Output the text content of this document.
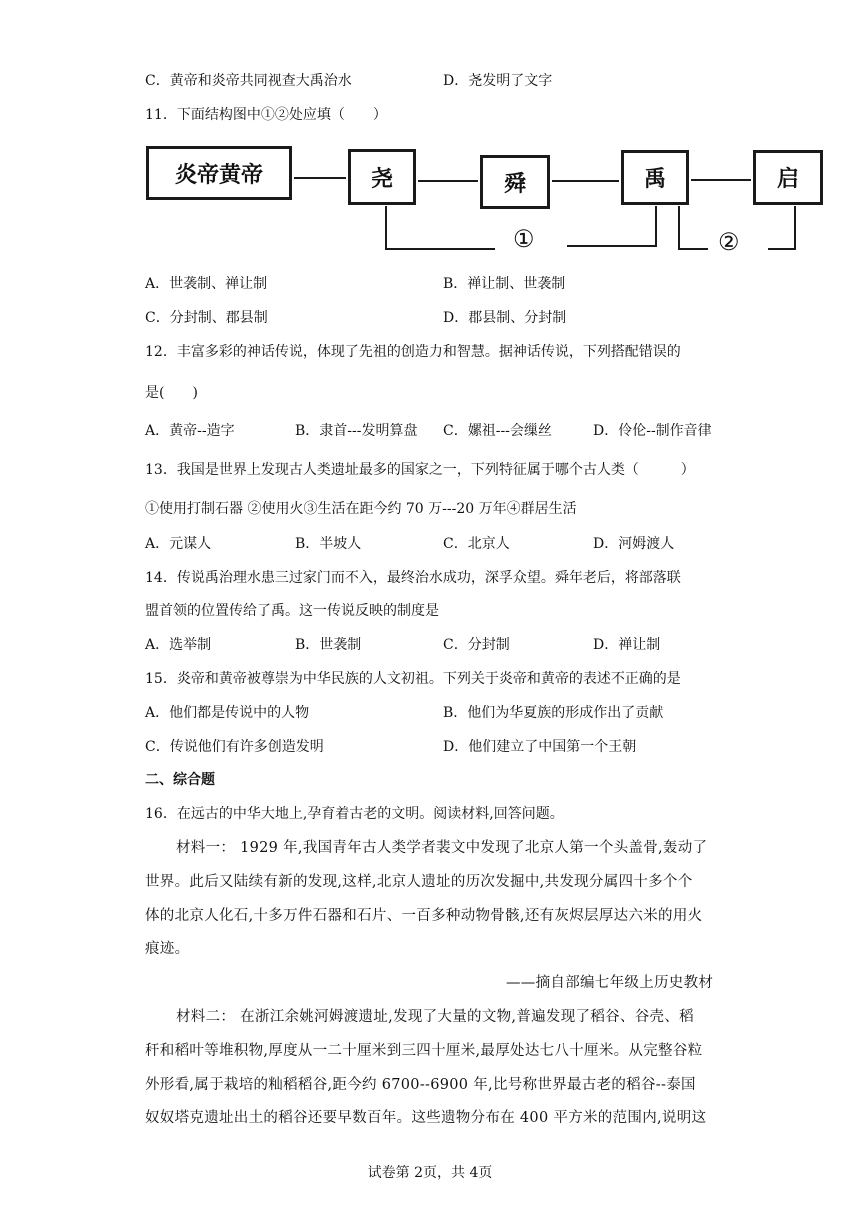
C．黄帝和炎帝共同视查大禹治水	D．尧发明了文字
11．下面结构图中①②处应填（　　）
炎帝黄帝	尧	舜	禹	启
①	②
A．世袭制、禅让制	B．禅让制、世袭制
C．分封制、郡县制	D．郡县制、分封制
12．丰富多彩的神话传说，体现了先祖的创造力和智慧。据神话传说，下列搭配错误的
是(　　)
A．黄帝--造字	B．隶首---发明算盘 C．嫘祖---会缫丝	D．伶伦--制作音律
13．我国是世界上发现古人类遗址最多的国家之一，下列特征属于哪个古人类（　　　）
①使用打制石器 ②使用火③生活在距今约 70 万---20 万年④群居生活
A．元谋人	B．半坡人	C．北京人	D．河姆渡人
14．传说禹治理水患三过家门而不入，最终治水成功，深孚众望。舜年老后，将部落联
盟首领的位置传给了禹。这一传说反映的制度是
A．选举制	B．世袭制	C．分封制	D．禅让制
15．炎帝和黄帝被尊崇为中华民族的人文初祖。下列关于炎帝和黄帝的表述不正确的是
A．他们都是传说中的人物	B．他们为华夏族的形成作出了贡献
C．传说他们有许多创造发明	D．他们建立了中国第一个王朝
二、综合题
16．在远古的中华大地上,孕育着古老的文明。阅读材料,回答问题。
材料一： 1929 年,我国青年古人类学者裴文中发现了北京人第一个头盖骨,轰动了
世界。此后又陆续有新的发现,这样,北京人遗址的历次发掘中,共发现分属四十多个个
体的北京人化石,十多万件石器和石片、一百多种动物骨骸,还有灰烬层厚达六米的用火
痕迹。
——摘自部编七年级上历史教材
材料二： 在浙江余姚河姆渡遗址,发现了大量的文物,普遍发现了稻谷、谷壳、稻
秆和稻叶等堆积物,厚度从一二十厘米到三四十厘米,最厚处达七八十厘米。从完整谷粒
外形看,属于栽培的籼稻稻谷,距今约 6700--6900 年,比号称世界最古老的稻谷--泰国
奴奴塔克遗址出土的稻谷还要早数百年。这些遗物分布在 400 平方米的范围内,说明这
试卷第 2页，共 4页
